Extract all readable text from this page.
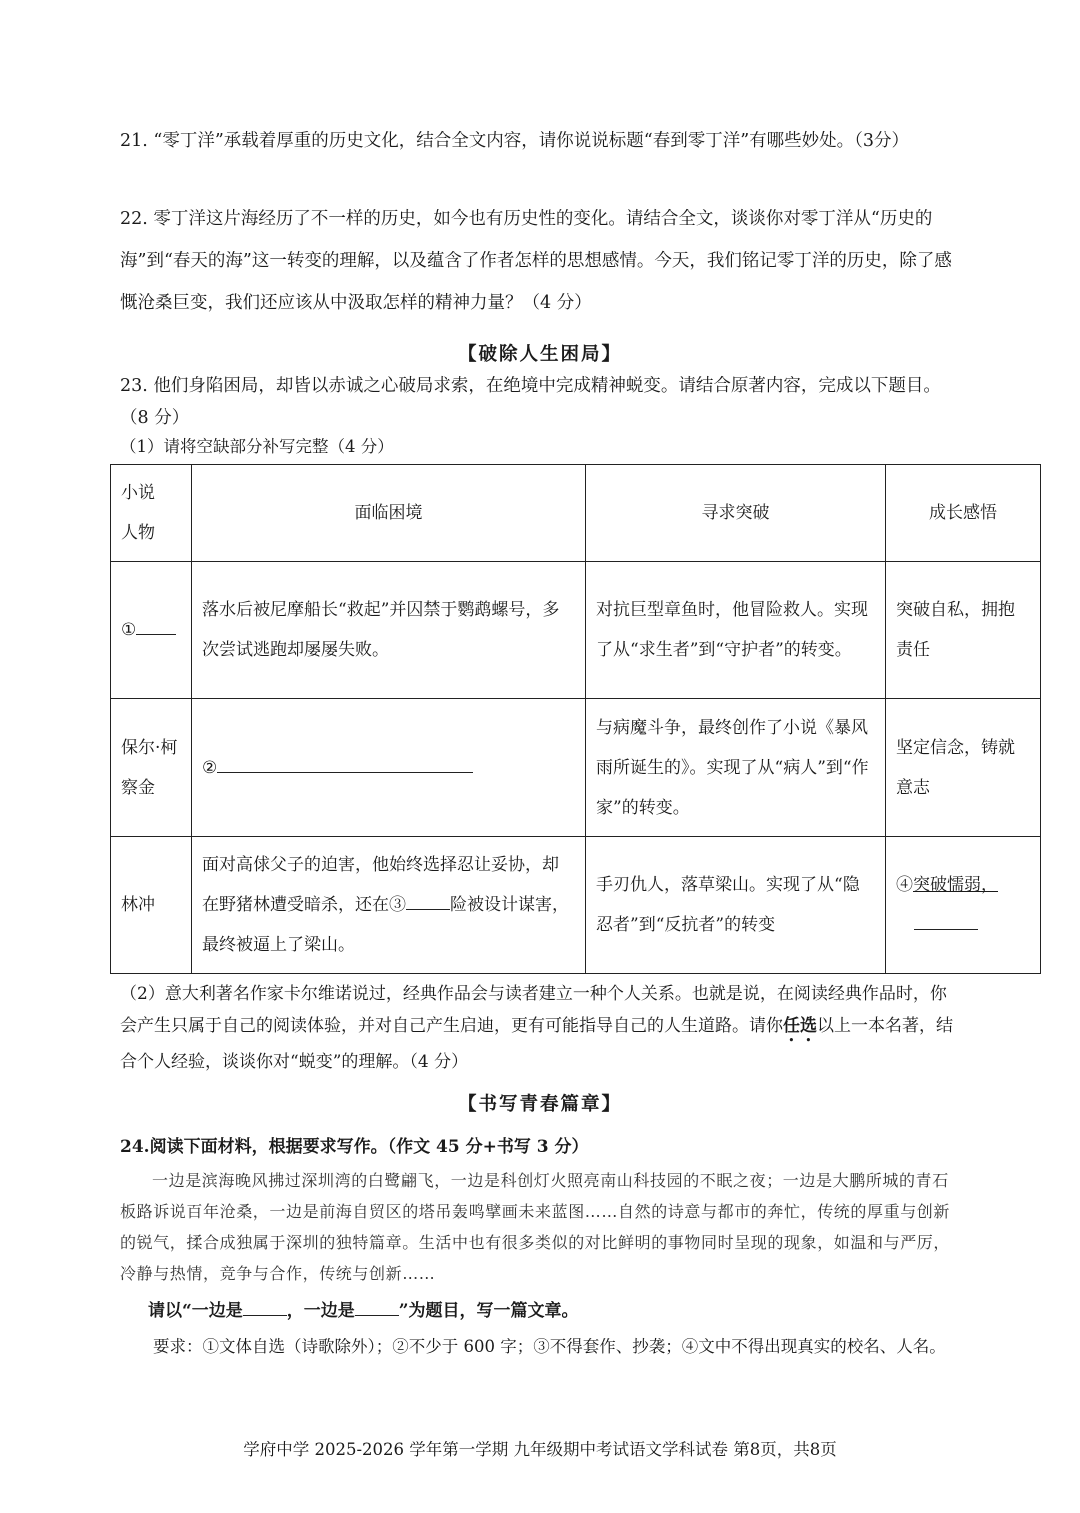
21. “零丁洋”承载着厚重的历史文化，结合全文内容，请你说说标题“春到零丁洋”有哪些妙处。（3分）
22. 零丁洋这片海经历了不一样的历史，如今也有历史性的变化。请结合全文，谈谈你对零丁洋从“历史的海”到“春天的海”这一转变的理解，以及蕴含了作者怎样的思想感情。今天，我们铭记零丁洋的历史，除了感慨沧桑巨变，我们还应该从中汲取怎样的精神力量？（4 分）
【破除人生困局】
23. 他们身陷困局，却皆以赤诚之心破局求索，在绝境中完成精神蜕变。请结合原著内容，完成以下题目。（8 分）
（1）请将空缺部分补写完整（4 分）
小说人物	面临困境	寻求突破	成长感悟
①	落水后被尼摩船长“救起”并囚禁于鹦鹉螺号，多次尝试逃跑却屡屡失败。	对抗巨型章鱼时，他冒险救人。实现了从“求生者”到“守护者”的转变。	突破自私，拥抱责任
保尔·柯察金	②	与病魔斗争，最终创作了小说《暴风雨所诞生的》。实现了从“病人”到“作家”的转变。	坚定信念，铸就意志
林冲	面对高俅父子的迫害，他始终选择忍让妥协，却在野猪林遭受暗杀，还在③ 险被设计谋害，最终被逼上了梁山。	手刃仇人，落草梁山。实现了从“隐忍者”到“反抗者”的转变	④突破懦弱，

（2）意大利著名作家卡尔维诺说过，经典作品会与读者建立一种个人关系。也就是说，在阅读经典作品时，你会产生只属于自己的阅读体验，并对自己产生启迪，更有可能指导自己的人生道路。请你任选以上一本名著，结合个人经验，谈谈你对“蜕变”的理解。（4 分）
【书写青春篇章】
24.阅读下面材料，根据要求写作。（作文 45 分+书写 3 分）
一边是滨海晚风拂过深圳湾的白鹭翩飞，一边是科创灯火照亮南山科技园的不眠之夜；一边是大鹏所城的青石板路诉说百年沧桑，一边是前海自贸区的塔吊轰鸣擘画未来蓝图……自然的诗意与都市的奔忙，传统的厚重与创新的锐气，揉合成独属于深圳的独特篇章。生活中也有很多类似的对比鲜明的事物同时呈现的现象，如温和与严厉，冷静与热情，竞争与合作，传统与创新……
请以“一边是	，一边是	”为题目，写一篇文章。
要求：①文体自选（诗歌除外）；②不少于 600 字；③不得套作、抄袭；④文中不得出现真实的校名、人名。
学府中学 2025-2026 学年第一学期 九年级期中考试语文学科试卷 第8页，共8页
